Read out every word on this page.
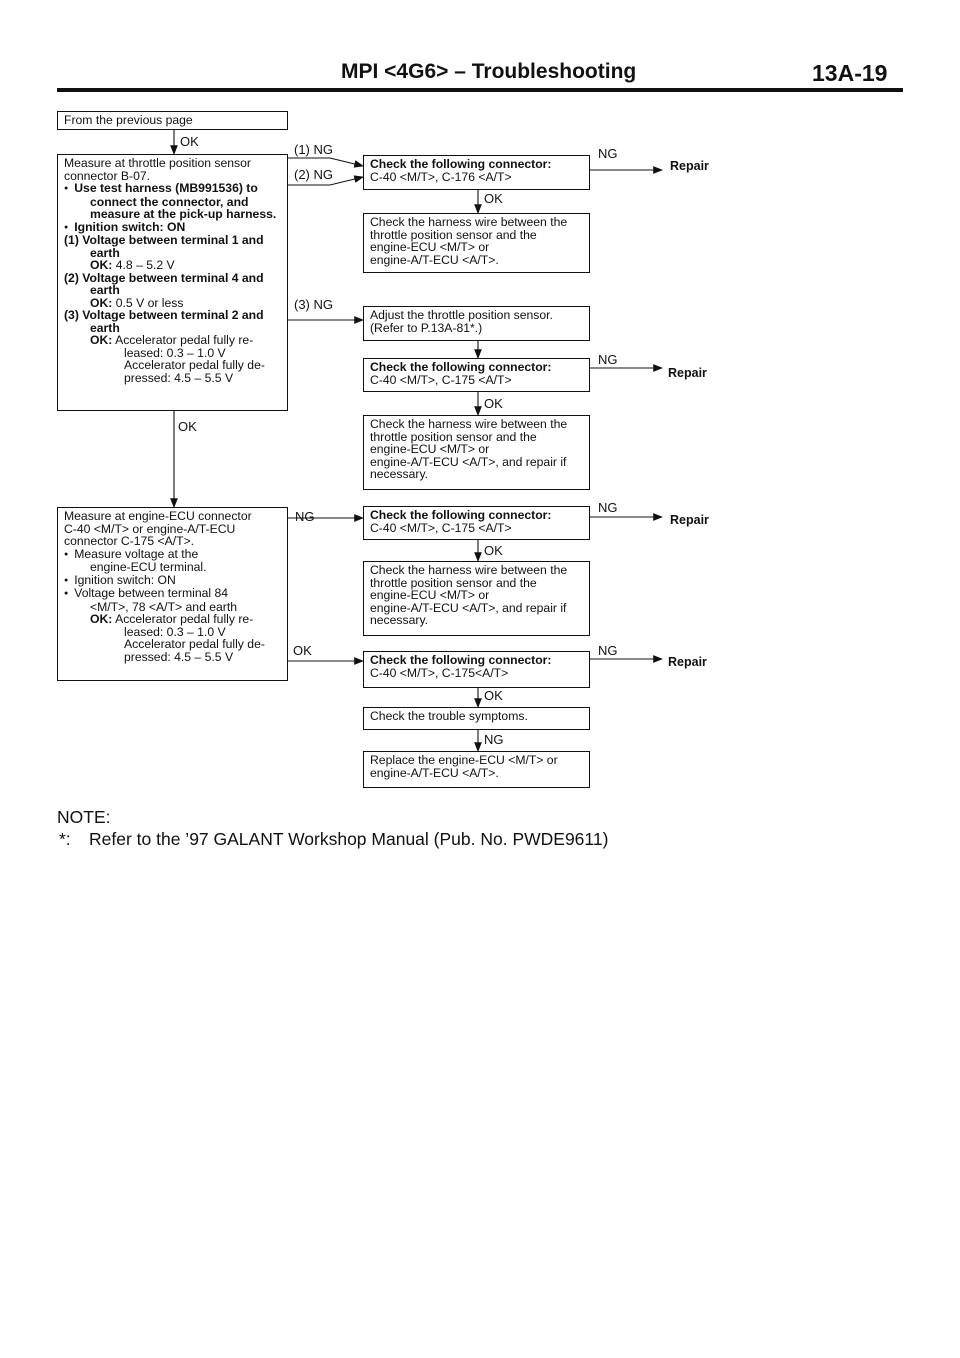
MPI <4G6> – Troubleshooting	13A-19
From the previous page
OK
Measure at throttle position sensor
connector B-07.
● Use test harness (MB991536) to
connect the connector, and
measure at the pick-up harness.
● Ignition switch: ON
(1) Voltage between terminal 1 and
earth
OK: 4.8 – 5.2 V
(2) Voltage between terminal 4 and
earth
OK: 0.5 V or less
(3) Voltage between terminal 2 and
earth
OK: Accelerator pedal fully re-
leased: 0.3 – 1.0 V
Accelerator pedal fully de-
pressed: 4.5 – 5.5 V
OK
Measure at engine-ECU connector
C-40 <M/T> or engine-A/T-ECU
connector C-175 <A/T>.
● Measure voltage at the
engine-ECU terminal.
● Ignition switch: ON
● Voltage between terminal 84
<M/T>, 78 <A/T> and earth
OK: Accelerator pedal fully re-
leased: 0.3 – 1.0 V
Accelerator pedal fully de-
pressed: 4.5 – 5.5 V
(1) NG
(2) NG
(3) NG
NG
OK
Check the following connector:
C-40 <M/T>, C-176 <A/T>
NG
Repair
OK
Check the harness wire between the
throttle position sensor and the
engine-ECU <M/T> or
engine-A/T-ECU <A/T>.
Adjust the throttle position sensor.
(Refer to P.13A-81*.)
Check the following connector:
C-40 <M/T>, C-175 <A/T>
NG
Repair
OK
Check the harness wire between the
throttle position sensor and the
engine-ECU <M/T> or
engine-A/T-ECU <A/T>, and repair if
necessary.
Check the following connector:
C-40 <M/T>, C-175 <A/T>
NG
Repair
OK
Check the harness wire between the
throttle position sensor and the
engine-ECU <M/T> or
engine-A/T-ECU <A/T>, and repair if
necessary.
Check the following connector:
C-40 <M/T>, C-175<A/T>
NG
Repair
OK
Check the trouble symptoms.
NG
Replace the engine-ECU <M/T> or
engine-A/T-ECU <A/T>.
NOTE:
*: Refer to the ’97 GALANT Workshop Manual (Pub. No. PWDE9611)
